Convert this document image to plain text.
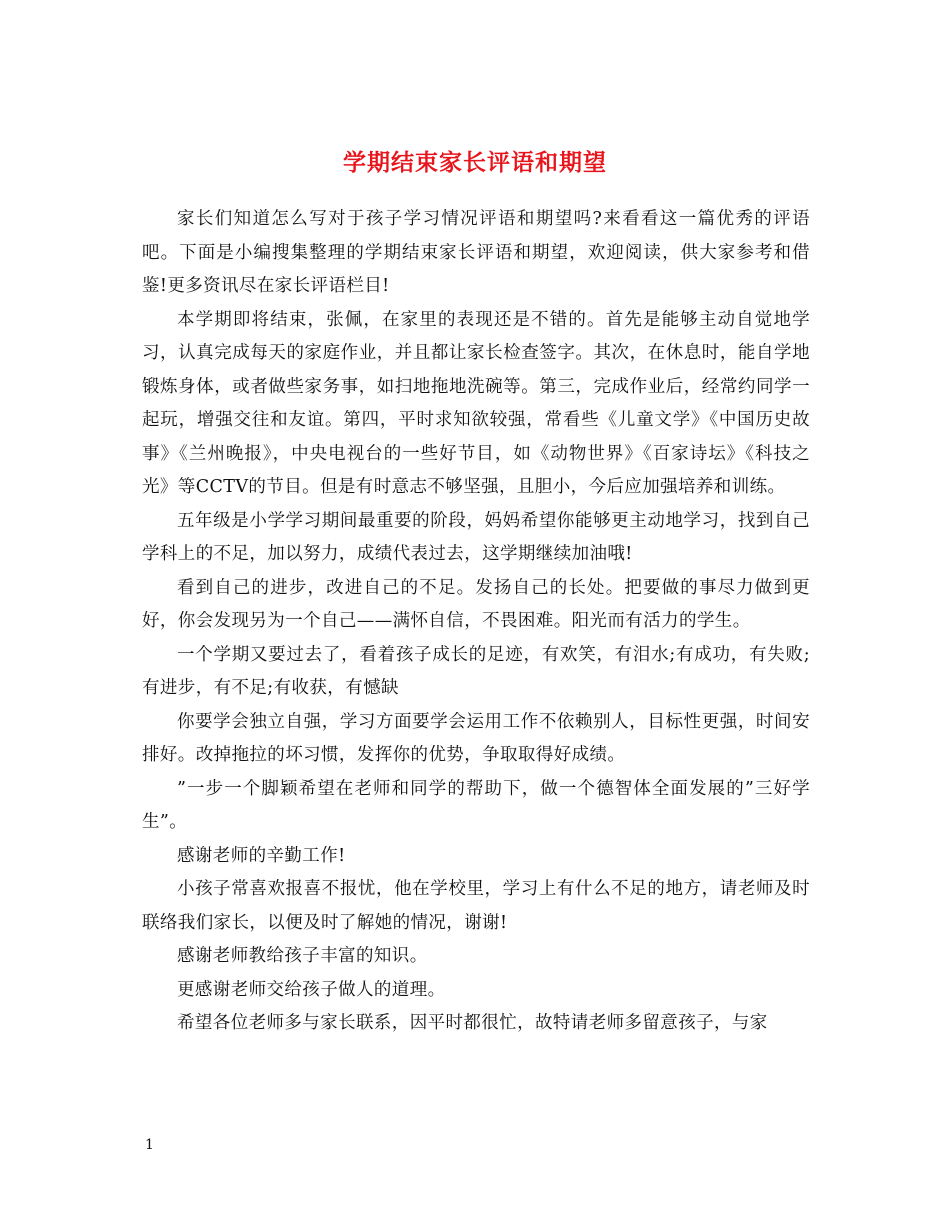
学期结束家长评语和期望

家长们知道怎么写对于孩子学习情况评语和期望吗?来看看这一篇优秀的评语吧。下面是小编搜集整理的学期结束家长评语和期望，欢迎阅读，供大家参考和借鉴!更多资讯尽在家长评语栏目!

本学期即将结束，张佩，在家里的表现还是不错的。首先是能够主动自觉地学习，认真完成每天的家庭作业，并且都让家长检查签字。其次，在休息时，能自学地锻炼身体，或者做些家务事，如扫地拖地洗碗等。第三，完成作业后，经常约同学一起玩，增强交往和友谊。第四，平时求知欲较强，常看些《儿童文学》《中国历史故事》《兰州晚报》，中央电视台的一些好节目，如《动物世界》《百家诗坛》《科技之光》等CCTV的节目。但是有时意志不够坚强，且胆小，今后应加强培养和训练。

五年级是小学学习期间最重要的阶段，妈妈希望你能够更主动地学习，找到自己学科上的不足，加以努力，成绩代表过去，这学期继续加油哦!

看到自己的进步，改进自己的不足。发扬自己的长处。把要做的事尽力做到更好，你会发现另为一个自己——满怀自信，不畏困难。阳光而有活力的学生。

一个学期又要过去了，看着孩子成长的足迹，有欢笑，有泪水;有成功，有失败;有进步，有不足;有收获，有憾缺

你要学会独立自强，学习方面要学会运用工作不依赖别人，目标性更强，时间安排好。改掉拖拉的坏习惯，发挥你的优势，争取取得好成绩。

”一步一个脚颖希望在老师和同学的帮助下，做一个德智体全面发展的”三好学生”。

感谢老师的辛勤工作!

小孩子常喜欢报喜不报忧，他在学校里，学习上有什么不足的地方，请老师及时联络我们家长，以便及时了解她的情况，谢谢!

感谢老师教给孩子丰富的知识。

更感谢老师交给孩子做人的道理。

希望各位老师多与家长联系，因平时都很忙，故特请老师多留意孩子，与家

1
